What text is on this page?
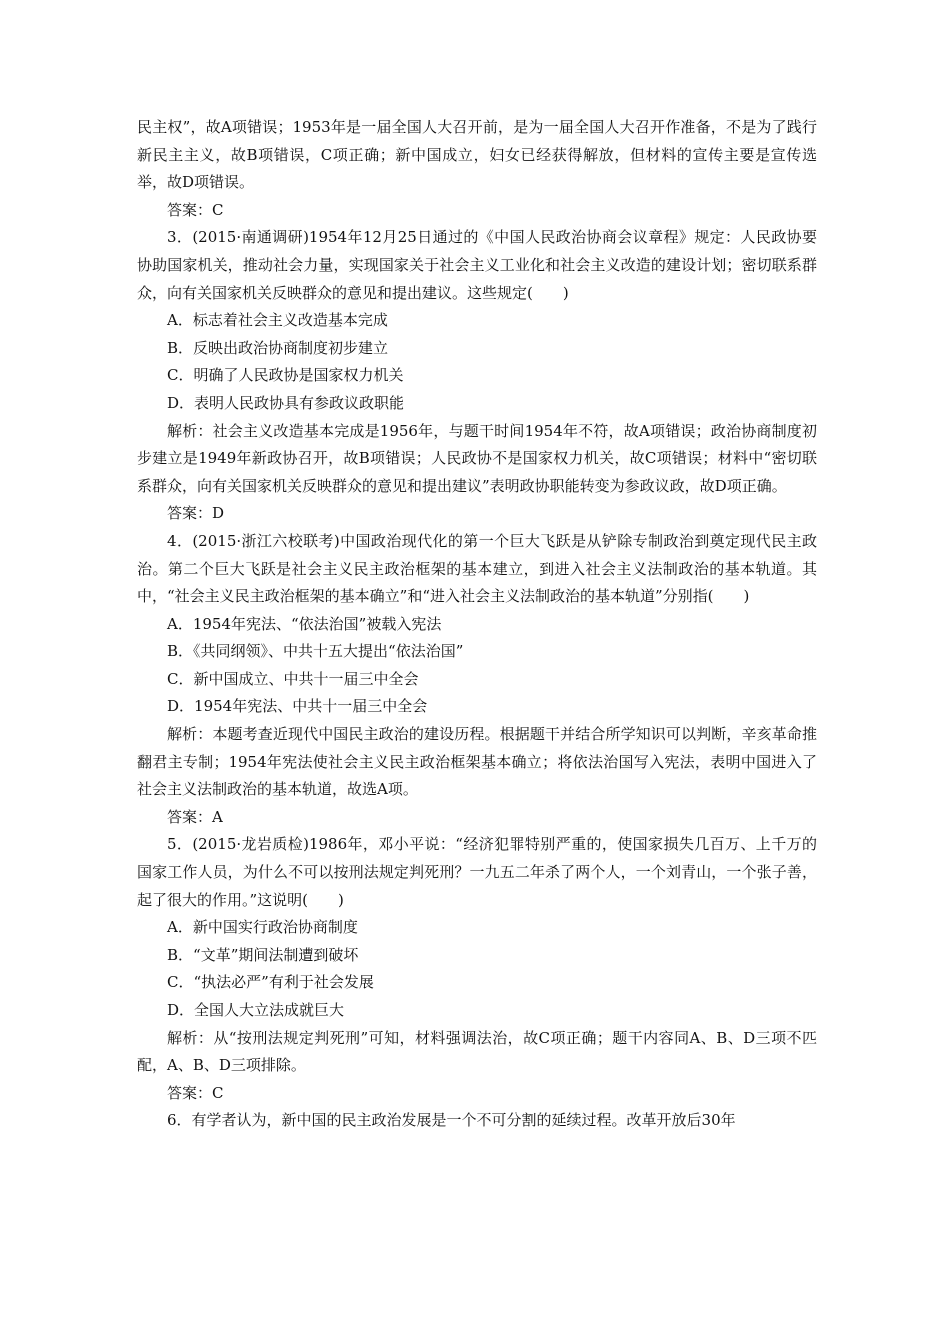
民主权”，故A项错误；1953年是一届全国人大召开前，是为一届全国人大召开作准备，不是为了践行新民主主义，故B项错误，C项正确；新中国成立，妇女已经获得解放，但材料的宣传主要是宣传选举，故D项错误。

答案：C

3．(2015·南通调研)1954年12月25日通过的《中国人民政治协商会议章程》规定：人民政协要协助国家机关，推动社会力量，实现国家关于社会主义工业化和社会主义改造的建设计划；密切联系群众，向有关国家机关反映群众的意见和提出建议。这些规定(　　)

A．标志着社会主义改造基本完成

B．反映出政治协商制度初步建立

C．明确了人民政协是国家权力机关

D．表明人民政协具有参政议政职能

解析：社会主义改造基本完成是1956年，与题干时间1954年不符，故A项错误；政治协商制度初步建立是1949年新政协召开，故B项错误；人民政协不是国家权力机关，故C项错误；材料中“密切联系群众，向有关国家机关反映群众的意见和提出建议”表明政协职能转变为参政议政，故D项正确。

答案：D

4．(2015·浙江六校联考)中国政治现代化的第一个巨大飞跃是从铲除专制政治到奠定现代民主政治。第二个巨大飞跃是社会主义民主政治框架的基本建立，到进入社会主义法制政治的基本轨道。其中，“社会主义民主政治框架的基本确立”和“进入社会主义法制政治的基本轨道”分别指(　　)

A．1954年宪法、“依法治国”被载入宪法

B．《共同纲领》、中共十五大提出“依法治国”

C．新中国成立、中共十一届三中全会

D．1954年宪法、中共十一届三中全会

解析：本题考查近现代中国民主政治的建设历程。根据题干并结合所学知识可以判断，辛亥革命推翻君主专制；1954年宪法使社会主义民主政治框架基本确立；将依法治国写入宪法，表明中国进入了社会主义法制政治的基本轨道，故选A项。

答案：A

5．(2015·龙岩质检)1986年，邓小平说：“经济犯罪特别严重的，使国家损失几百万、上千万的国家工作人员，为什么不可以按刑法规定判死刑？一九五二年杀了两个人，一个刘青山，一个张子善，起了很大的作用。”这说明(　　)

A．新中国实行政治协商制度

B．“文革”期间法制遭到破坏

C．“执法必严”有利于社会发展

D．全国人大立法成就巨大

解析：从“按刑法规定判死刑”可知，材料强调法治，故C项正确；题干内容同A、B、D三项不匹配，A、B、D三项排除。

答案：C

6．有学者认为，新中国的民主政治发展是一个不可分割的延续过程。改革开放后30年
